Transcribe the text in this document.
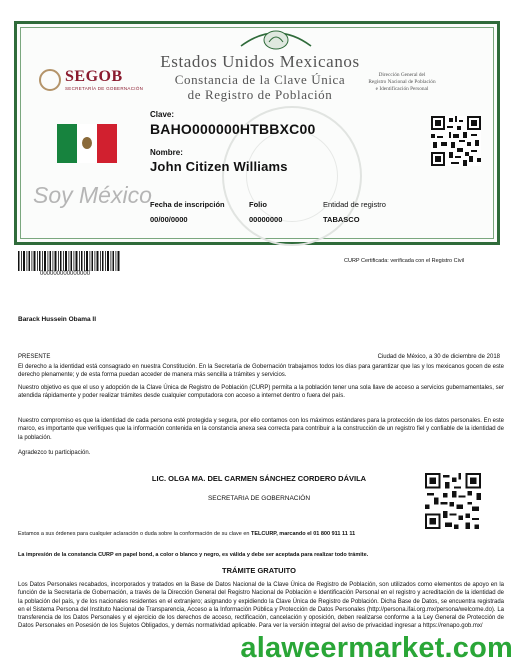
SEGOB
SECRETARÍA DE GOBERNACIÓN
Estados Unidos Mexicanos
Constancia de la Clave Única
de Registro de Población
Dirección General del
Registro Nacional de Población
e Identificación Personal
Clave:
BAHO000000HTBBXC00
Nombre:
John Citizen Williams
Soy México
Fecha de inscripción
00/00/0000
Folio
00000000
Entidad de registro
TABASCO
000000000000000
CURP Certificada: verificada con el Registro Civil
Barack Hussein Obama II
PRESENTE	Ciudad de México, a 30 de diciembre de 2018
El derecho a la identidad está consagrado en nuestra Constitución. En la Secretaría de Gobernación trabajamos todos los días para garantizar que las y los mexicanos gocen de este derecho plenamente; y de esta forma puedan acceder de manera más sencilla a trámites y servicios.
Nuestro objetivo es que el uso y adopción de la Clave Única de Registro de Población (CURP) permita a la población tener una sola llave de acceso a servicios gubernamentales, ser atendida rápidamente y poder realizar trámites desde cualquier computadora con acceso a internet dentro o fuera del país.
Nuestro compromiso es que la identidad de cada persona esté protegida y segura, por ello contamos con los máximos estándares para la protección de los datos personales. En este marco, es importante que verifiques que la información contenida en la constancia anexa sea correcta para contribuir a la construcción de un registro fiel y confiable de la identidad de la población.
Agradezco tu participación.
LIC. OLGA MA. DEL CARMEN SÁNCHEZ CORDERO DÁVILA
SECRETARIA DE GOBERNACIÓN
Estamos a sus órdenes para cualquier aclaración o duda sobre la conformación de su clave en TELCURP, marcando el 01 800 911 11 11
La impresión de la constancia CURP en papel bond, a color o blanco y negro, es válida y debe ser aceptada para realizar todo trámite.
TRÁMITE GRATUITO
Los Datos Personales recabados, incorporados y tratados en la Base de Datos Nacional de la Clave Única de Registro de Población, son utilizados como elementos de apoyo en la función de la Secretaría de Gobernación, a través de la Dirección General del Registro Nacional de Población e Identificación Personal en el registro y acreditación de la identidad de la población del país, y de los nacionales residentes en el extranjero; asignando y expidiendo la Clave Única de Registro de Población. Dicha Base de Datos, se encuentra registrada en el Sistema Persona del Instituto Nacional de Transparencia, Acceso a la Información Pública y Protección de Datos Personales (http://persona.ifai.org.mx/persona/welcome.do). La transferencia de los Datos Personales y el ejercicio de los derechos de acceso, rectificación, cancelación y oposición, deben realizarse conforme a la Ley General de Protección de Datos Personales en Posesión de los Sujetos Obligados, y demás normatividad aplicable. Para ver la versión integral del aviso de privacidad ingresar a https://renapo.gob.mx/
alaweermarket.com
